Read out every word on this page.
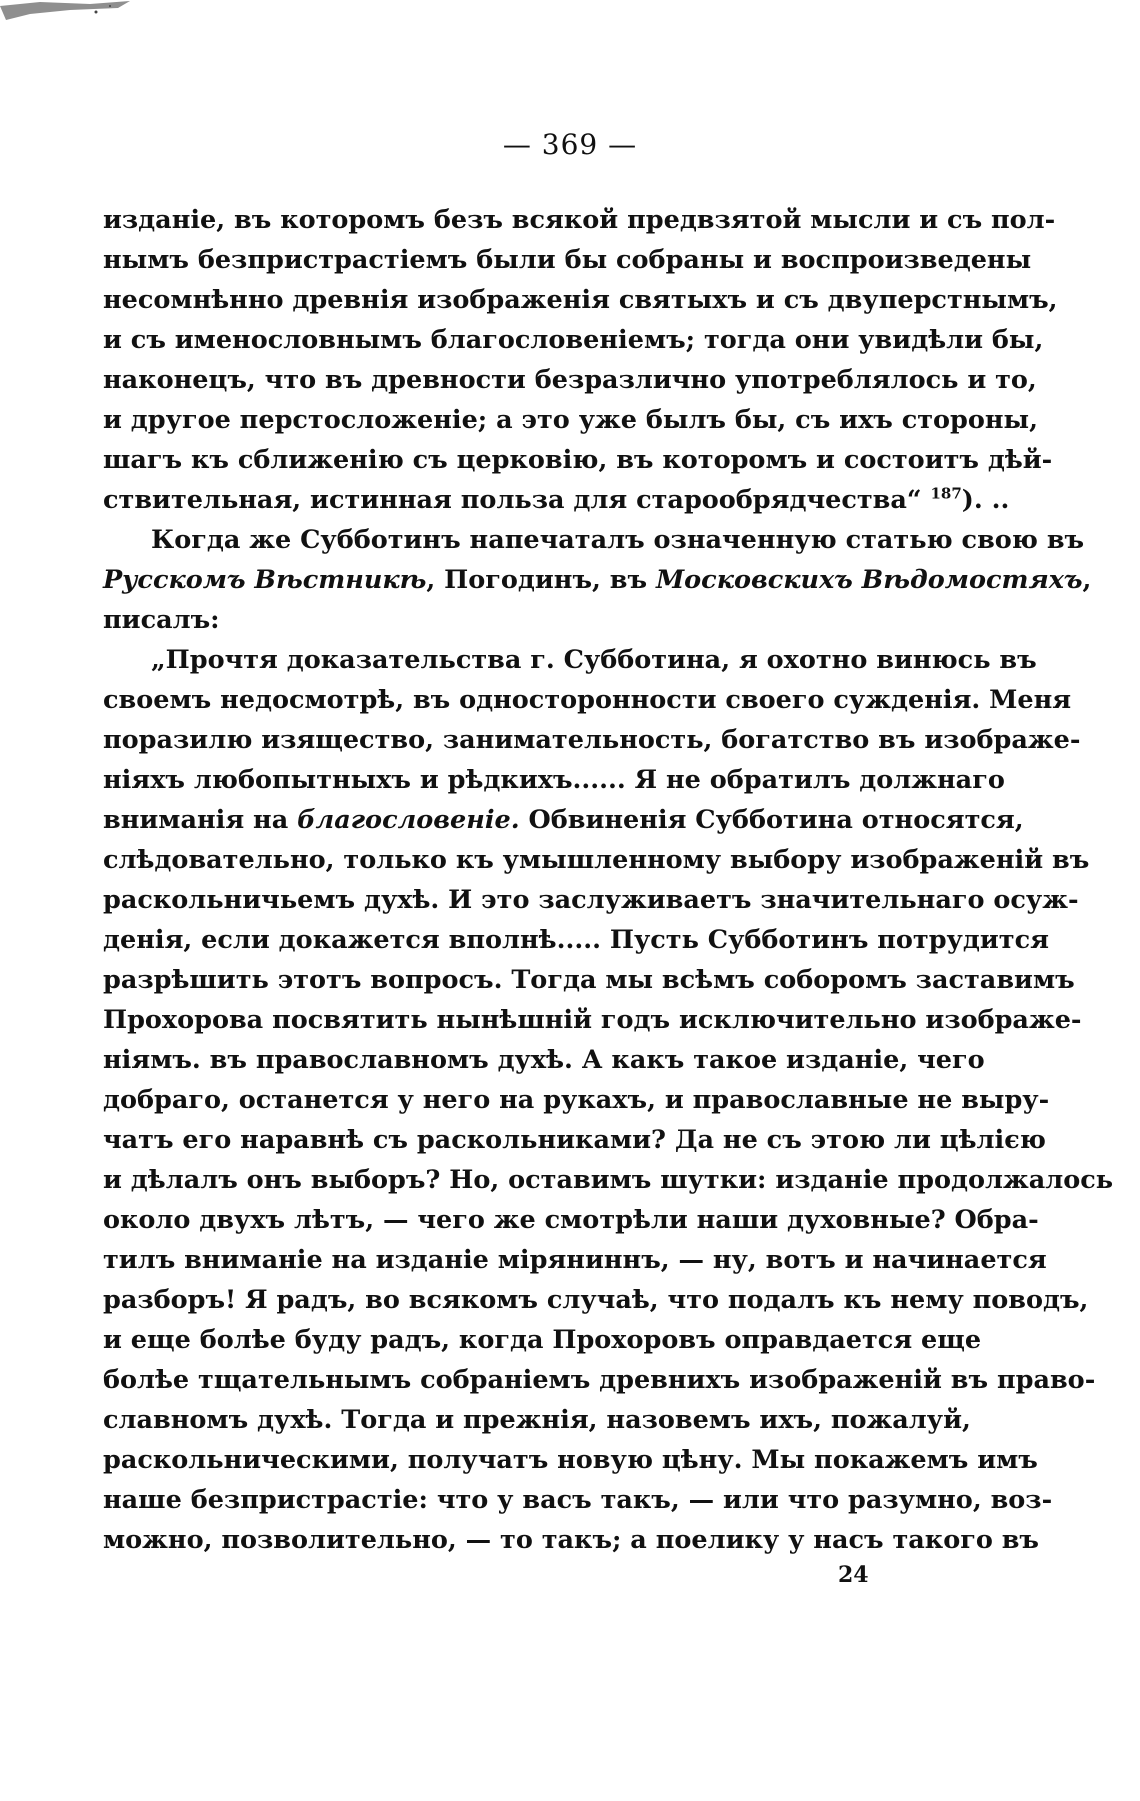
— 369 —
изданіе, въ которомъ безъ всякой предвзятой мысли и съ пол-
нымъ безпристрастіемъ были бы собраны и воспроизведены
несомнѣнно древнія изображенія святыхъ и съ двуперстнымъ,
и съ именословнымъ благословеніемъ; тогда они увидѣли бы,
наконецъ, что въ древности безразлично употреблялось и то,
и другое перстосложеніе; а это уже былъ бы, съ ихъ стороны,
шагъ къ сближенію съ церковію, въ которомъ и состоитъ дѣй-
ствительная, истинная польза для старообрядчества“ $^{187}$). ..
Когда же Субботинъ напечаталъ означенную статью свою въ
Русскомъ Вѣстникѣ, Погодинъ, въ Московскихъ Вѣдомостяхъ,
писалъ:
„Прочтя доказательства г. Субботина, я охотно винюсь въ
своемъ недосмотрѣ, въ односторонности своего сужденія. Меня
поразилю изящество, занимательность, богатство въ изображе-
ніяхъ любопытныхъ и рѣдкихъ...... Я не обратилъ должнаго
вниманія на благословеніе. Обвиненія Субботина относятся,
слѣдовательно, только къ умышленному выбору изображеній въ
раскольничьемъ духѣ. И это заслуживаетъ значительнаго осуж-
денія, если докажется вполнѣ..... Пусть Субботинъ потрудится
разрѣшить этотъ вопросъ. Тогда мы всѣмъ соборомъ заставимъ
Прохорова посвятить нынѣшній годъ исключительно изображе-
ніямъ. въ православномъ духѣ. А какъ такое изданіе, чего
добраго, останется у него на рукахъ, и православные не выру-
чатъ его наравнѣ съ раскольниками? Да не съ этою ли цѣлією
и дѣлалъ онъ выборъ? Но, оставимъ шутки: изданіе продолжалось
около двухъ лѣтъ, — чего же смотрѣли наши духовные? Обра-
тилъ вниманіе на изданіе міряниннъ, — ну, вотъ и начинается
разборъ! Я радъ, во всякомъ случаѣ, что подалъ къ нему поводъ,
и еще болѣе буду радъ, когда Прохоровъ оправдается еще
болѣе тщательнымъ собраніемъ древнихъ изображеній въ право-
славномъ духѣ. Тогда и прежнія, назовемъ ихъ, пожалуй,
раскольническими, получатъ новую цѣну. Мы покажемъ имъ
наше безпристрастіе: что у васъ такъ, — или что разумно, воз-
можно, позволительно, — то такъ; а поелику у насъ такого въ
24
